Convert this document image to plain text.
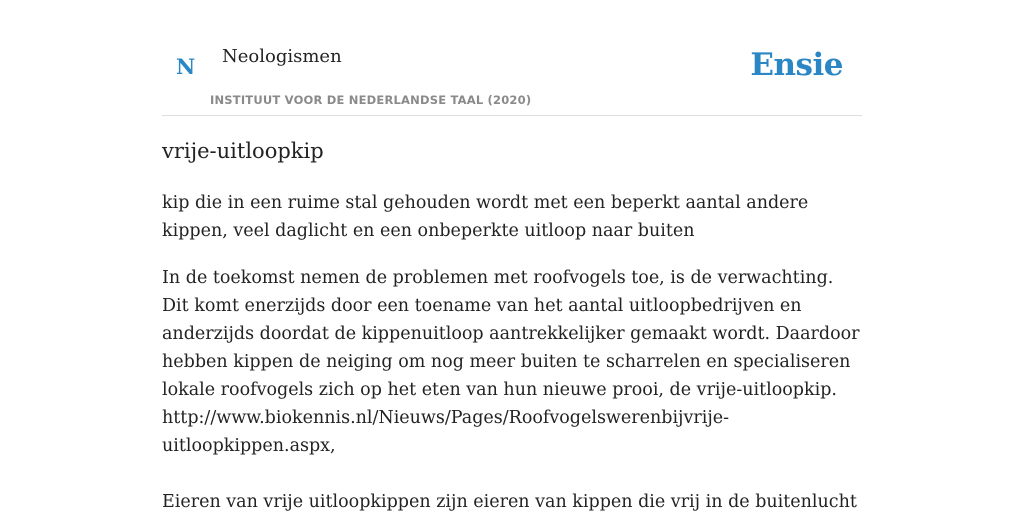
N Neologismen
INSTITUUT VOOR DE NEDERLANDSE TAAL (2020)
Ensie
vrije-uitloopkip

kip die in een ruime stal gehouden wordt met een beperkt aantal andere kippen, veel daglicht en een onbeperkte uitloop naar buiten

In de toekomst nemen de problemen met roofvogels toe, is de verwachting. Dit komt enerzijds door een toename van het aantal uitloopbedrijven en anderzijds doordat de kippenuitloop aantrekkelijker gemaakt wordt. Daardoor hebben kippen de neiging om nog meer buiten te scharrelen en specialiseren lokale roofvogels zich op het eten van hun nieuwe prooi, de vrije-uitloopkip. http://www.biokennis.nl/Nieuws/Pages/Roofvogelswerenbijvrije-uitloopkippen.aspx,

Eieren van vrije uitloopkippen zijn eieren van kippen die vrij in de buitenlucht
